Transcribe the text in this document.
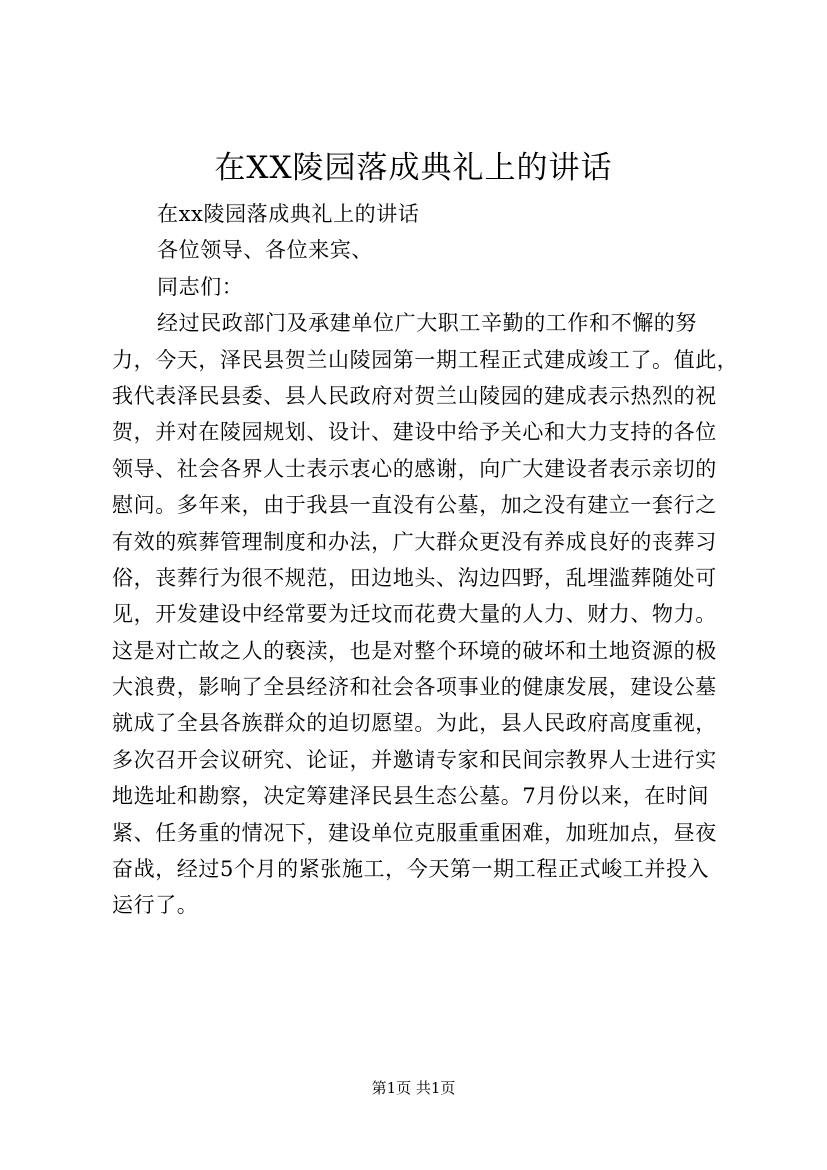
在XX陵园落成典礼上的讲话
在xx陵园落成典礼上的讲话
各位领导、各位来宾、
同志们：
经过民政部门及承建单位广大职工辛勤的工作和不懈的努
力，今天，泽民县贺兰山陵园第一期工程正式建成竣工了。值此，
我代表泽民县委、县人民政府对贺兰山陵园的建成表示热烈的祝
贺，并对在陵园规划、设计、建设中给予关心和大力支持的各位
领导、社会各界人士表示衷心的感谢，向广大建设者表示亲切的
慰问。多年来，由于我县一直没有公墓，加之没有建立一套行之
有效的殡葬管理制度和办法，广大群众更没有养成良好的丧葬习
俗，丧葬行为很不规范，田边地头、沟边四野，乱埋滥葬随处可
见，开发建设中经常要为迁坟而花费大量的人力、财力、物力。
这是对亡故之人的亵渎，也是对整个环境的破坏和土地资源的极
大浪费，影响了全县经济和社会各项事业的健康发展，建设公墓
就成了全县各族群众的迫切愿望。为此，县人民政府高度重视，
多次召开会议研究、论证，并邀请专家和民间宗教界人士进行实
地选址和勘察，决定筹建泽民县生态公墓。7月份以来，在时间
紧、任务重的情况下，建设单位克服重重困难，加班加点，昼夜
奋战，经过5个月的紧张施工，今天第一期工程正式峻工并投入
运行了。
第1页 共1页
